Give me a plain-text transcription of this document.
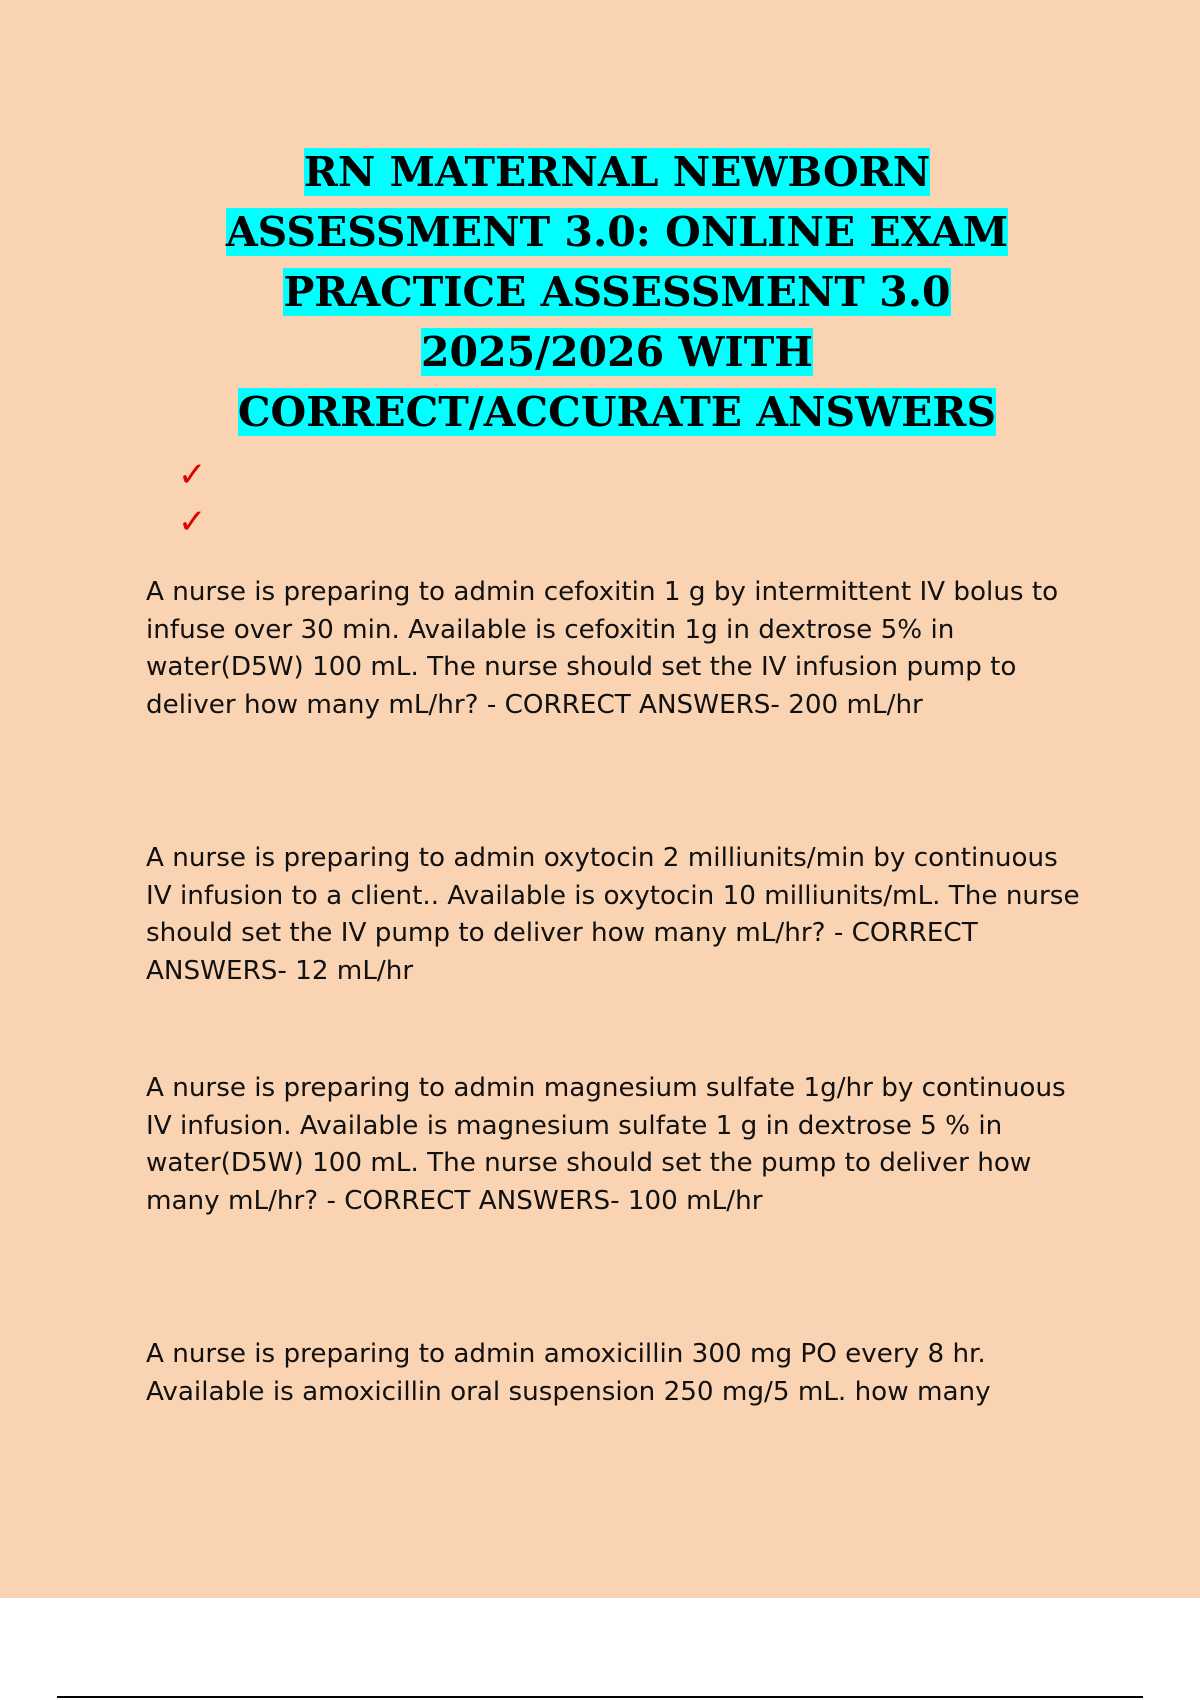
RN MATERNAL NEWBORN
ASSESSMENT 3.0: ONLINE EXAM
PRACTICE ASSESSMENT 3.0
2025/2026 WITH
CORRECT/ACCURATE ANSWERS
✓
✓

A nurse is preparing to admin cefoxitin 1 g by intermittent IV bolus to infuse over 30 min. Available is cefoxitin 1g in dextrose 5% in water(D5W) 100 mL. The nurse should set the IV infusion pump to deliver how many mL/hr? - CORRECT ANSWERS- 200 mL/hr

A nurse is preparing to admin oxytocin 2 milliunits/min by continuous IV infusion to a client.. Available is oxytocin 10 milliunits/mL. The nurse should set the IV pump to deliver how many mL/hr? - CORRECT ANSWERS- 12 mL/hr

A nurse is preparing to admin magnesium sulfate 1g/hr by continuous IV infusion. Available is magnesium sulfate 1 g in dextrose 5 % in water(D5W) 100 mL. The nurse should set the pump to deliver how many mL/hr? - CORRECT ANSWERS- 100 mL/hr

A nurse is preparing to admin amoxicillin 300 mg PO every 8 hr. Available is amoxicillin oral suspension 250 mg/5 mL. how many
